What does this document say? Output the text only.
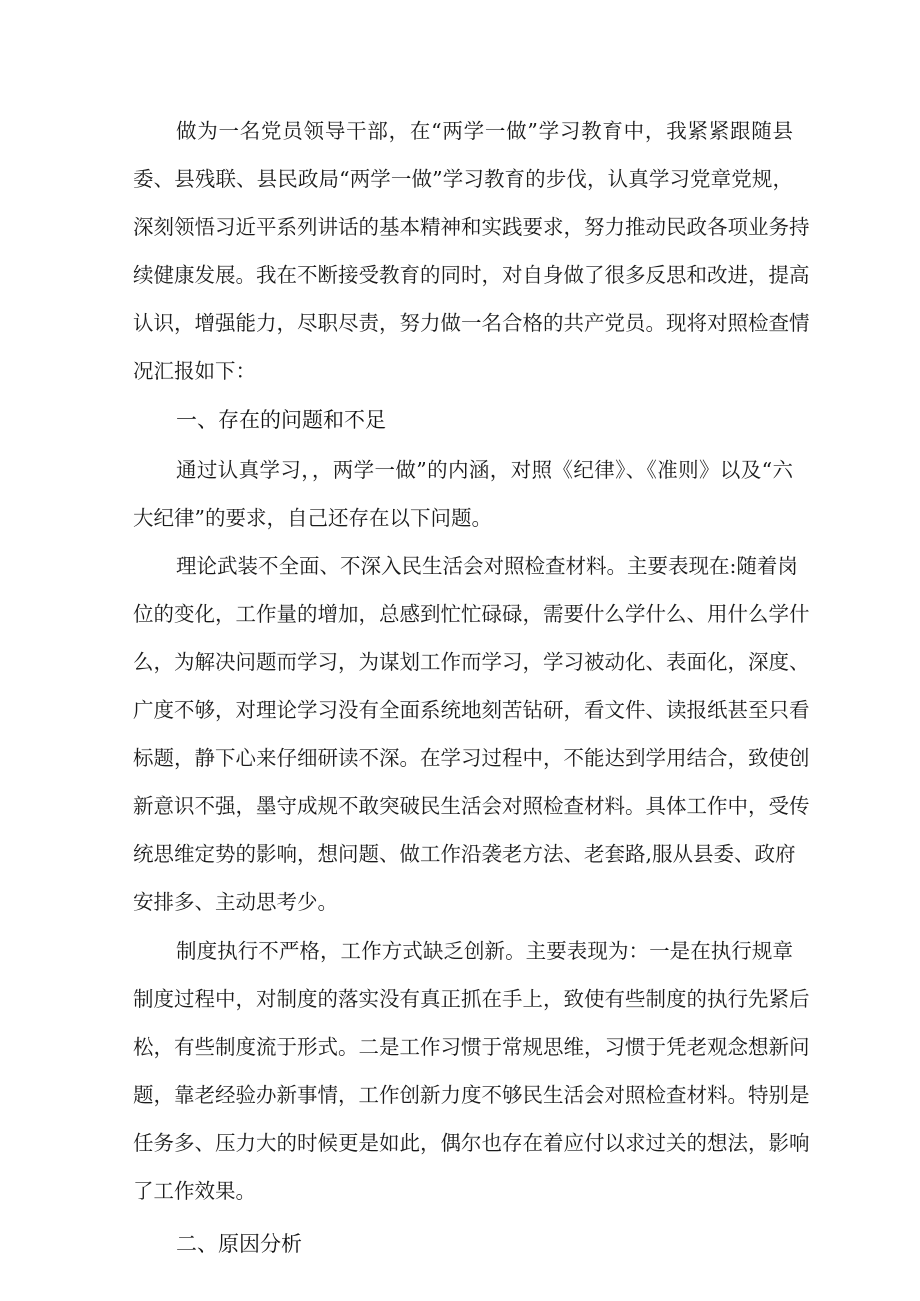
做为一名党员领导干部，在“两学一做”学习教育中，我紧紧跟随县
委、县残联、县民政局“两学一做”学习教育的步伐，认真学习党章党规，
深刻领悟习近平系列讲话的基本精神和实践要求，努力推动民政各项业务持
续健康发展。我在不断接受教育的同时，对自身做了很多反思和改进，提高
认识，增强能力，尽职尽责，努力做一名合格的共产党员。现将对照检查情
况汇报如下：
一、存在的问题和不足
通过认真学习，，两学一做”的内涵，对照《纪律》、《准则》以及“六
大纪律”的要求，自己还存在以下问题。
理论武装不全面、不深入民生活会对照检查材料。主要表现在:随着岗
位的变化，工作量的增加，总感到忙忙碌碌，需要什么学什么、用什么学什
么，为解决问题而学习，为谋划工作而学习，学习被动化、表面化，深度、
广度不够，对理论学习没有全面系统地刻苦钻研，看文件、读报纸甚至只看
标题，静下心来仔细研读不深。在学习过程中，不能达到学用结合，致使创
新意识不强，墨守成规不敢突破民生活会对照检查材料。具体工作中，受传
统思维定势的影响，想问题、做工作沿袭老方法、老套路,服从县委、政府
安排多、主动思考少。
制度执行不严格，工作方式缺乏创新。主要表现为：一是在执行规章
制度过程中，对制度的落实没有真正抓在手上，致使有些制度的执行先紧后
松，有些制度流于形式。二是工作习惯于常规思维，习惯于凭老观念想新问
题，靠老经验办新事情，工作创新力度不够民生活会对照检查材料。特别是
任务多、压力大的时候更是如此，偶尔也存在着应付以求过关的想法，影响
了工作效果。
二、原因分析
